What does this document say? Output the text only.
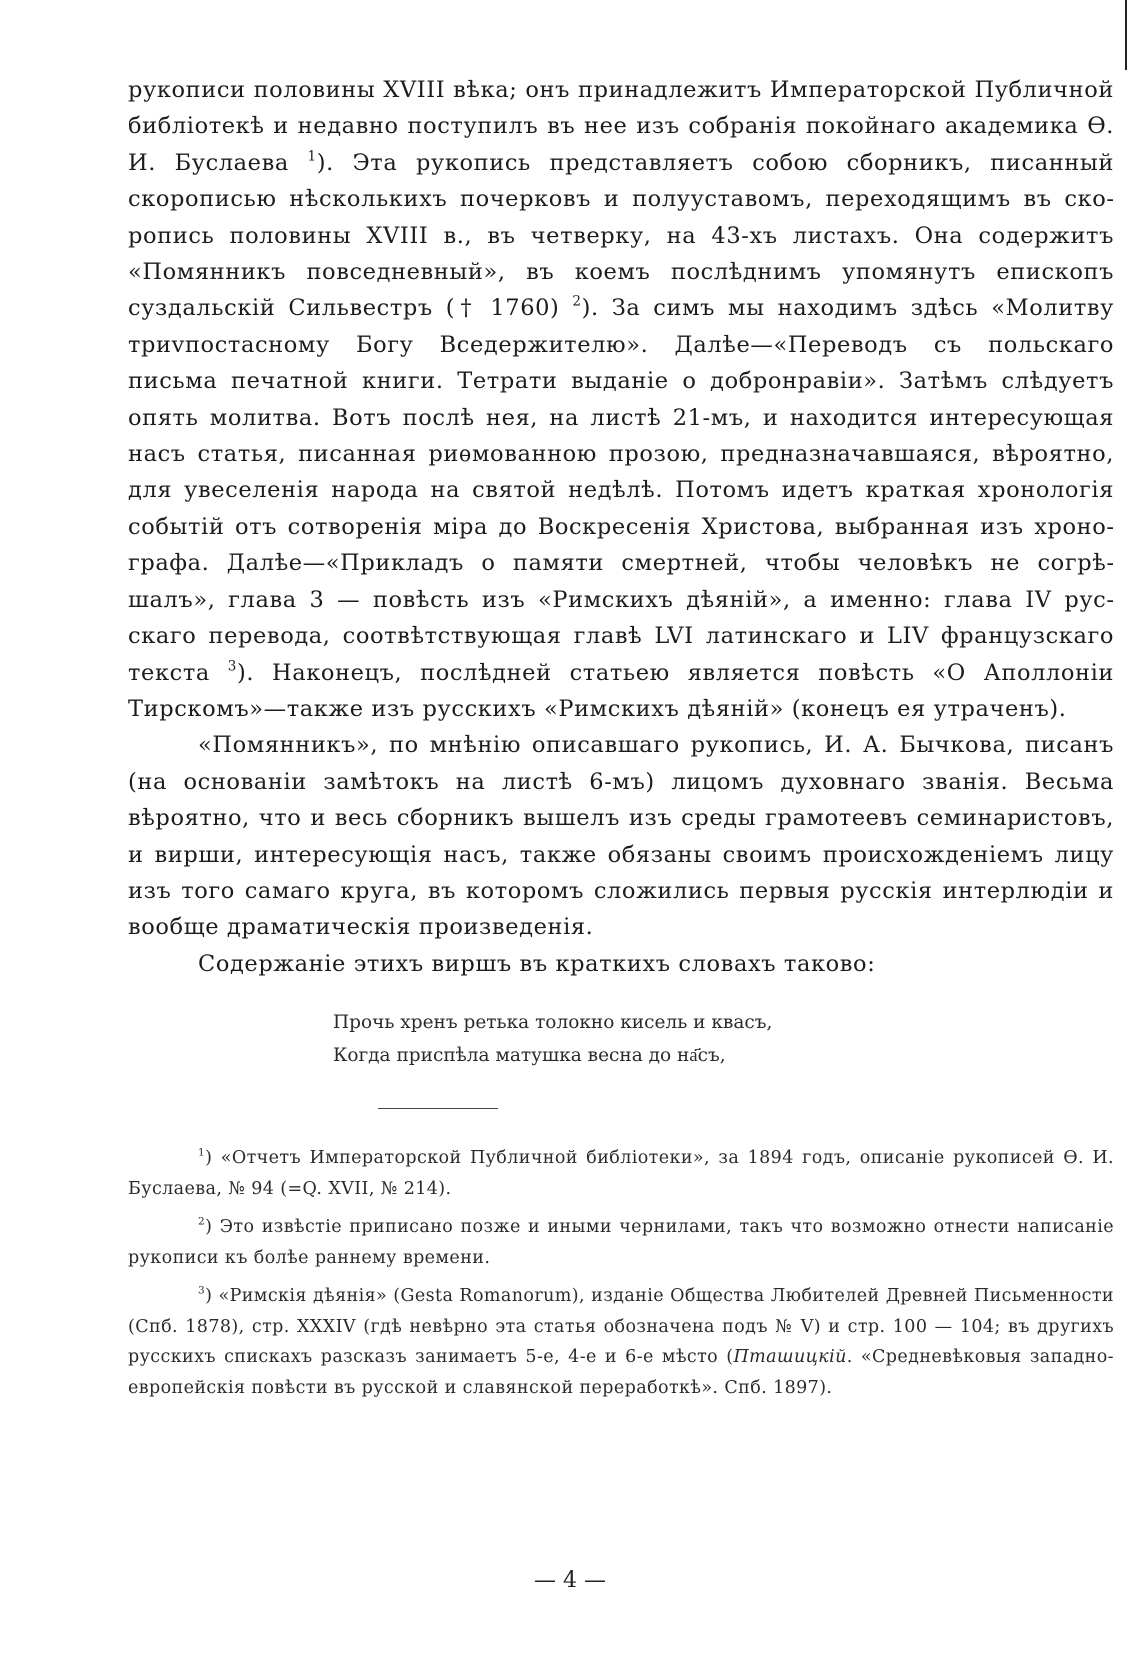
рукописи половины XVIII вѣка; онъ принадлежитъ Императорской Публичной библіотекѣ и недавно поступилъ въ нее изъ собранія покойнаго академика Ѳ. И. Буслаева $^1$). Эта рукопись представляетъ собою сборникъ, писанный скорописью нѣсколькихъ почерковъ и полууставомъ, переходящимъ въ скоропись половины XVIII в., въ четверку, на 43-хъ листахъ. Она содержитъ «Помянникъ повседневный», въ коемъ послѣднимъ упомянутъ епископъ суздальскій Сильвестръ († 1760) $^2$). За симъ мы находимъ здѣсь «Молитву триvпостасному Богу Вседержителю». Далѣе—«Переводъ съ польскаго письма печатной книги. Тетрати выданіе о добронравіи». Затѣмъ слѣдуетъ опять молитва. Вотъ послѣ нея, на листѣ 21-мъ, и находится интересующая насъ статья, писанная риѳмованною прозою, предназначавшаяся, вѣроятно, для увеселенія народа на святой недѣлѣ. Потомъ идетъ краткая хронологія событій отъ сотворенія міра до Воскресенія Христова, выбранная изъ хронографа. Далѣе—«Прикладъ о памяти смертней, чтобы человѣкъ не согрѣшалъ», глава 3 — повѣсть изъ «Римскихъ дѣяній», а именно: глава IV русскаго перевода, соотвѣтствующая главѣ LVI латинскаго и LIV французскаго текста $^3$). Наконецъ, послѣдней статьею является повѣсть «О Аполлоніи Тирскомъ»—также изъ русскихъ «Римскихъ дѣяній» (конецъ ея утраченъ).

«Помянникъ», по мнѣнію описавшаго рукопись, И. А. Бычкова, писанъ (на основаніи замѣтокъ на листѣ 6-мъ) лицомъ духовнаго званія. Весьма вѣроятно, что и весь сборникъ вышелъ изъ среды грамотеевъ семинаристовъ, и вирши, интересующія насъ, также обязаны своимъ происхожденіемъ лицу изъ того самаго круга, въ которомъ сложились первыя русскія интерлюдіи и вообще драматическія произведенія.

Содержаніе этихъ виршъ въ краткихъ словахъ таково:

Прочь хренъ ретька толокно кисель и квасъ,
Когда приспѣла матушка весна до на҃съ,

$^1$) «Отчетъ Императорской Публичной библіотеки», за 1894 годъ, описаніе рукописей Ѳ. И. Буслаева, № 94 (=Q. XVII, № 214).

$^2$) Это извѣстіе приписано позже и иными чернилами, такъ что возможно отнести написаніе рукописи къ болѣе раннему времени.

$^3$) «Римскія дѣянія» (Gesta Romanorum), изданіе Общества Любителей Древней Письменности (Спб. 1878), стр. XXXIV (гдѣ невѣрно эта статья обозначена подъ № V) и стр. 100 — 104; въ другихъ русскихъ спискахъ разсказъ занимаетъ 5-е, 4-е и 6-е мѣсто (Пташицкій. «Средневѣковыя западно-европейскія повѣсти въ русской и славянской переработкѣ». Спб. 1897).

— 4 —
